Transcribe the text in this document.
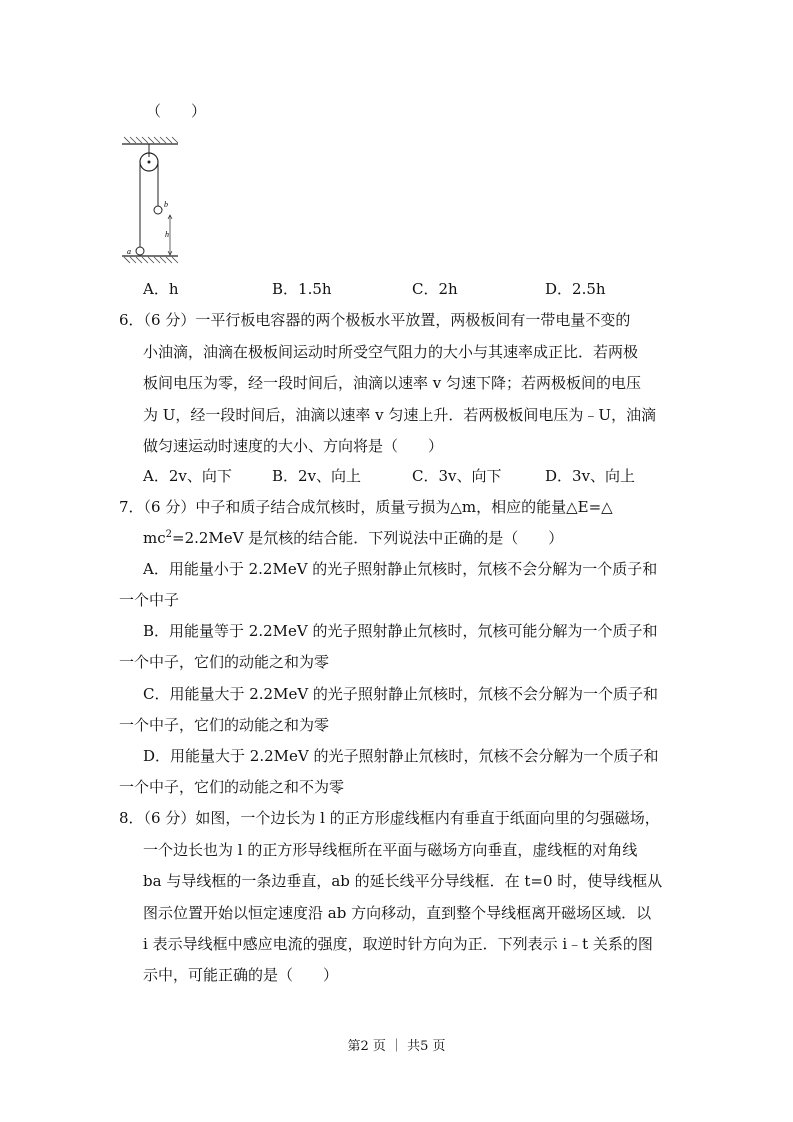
（　　）
b
h
a
A．h	B．1.5h	C．2h	D．2.5h
6．（6 分）一平行板电容器的两个极板水平放置，两极板间有一带电量不变的
小油滴，油滴在极板间运动时所受空气阻力的大小与其速率成正比．若两极
板间电压为零，经一段时间后，油滴以速率 v 匀速下降；若两极板间的电压
为 U，经一段时间后，油滴以速率 v 匀速上升．若两极板间电压为﹣U，油滴
做匀速运动时速度的大小、方向将是（　　）
A．2v、向下	B．2v、向上	C．3v、向下	D．3v、向上
7．（6 分）中子和质子结合成氘核时，质量亏损为△m，相应的能量△E=△
$mc^2=2.2MeV$ 是氘核的结合能．下列说法中正确的是（　　）
A．用能量小于 2.2MeV 的光子照射静止氘核时，氘核不会分解为一个质子和
一个中子
B．用能量等于 2.2MeV 的光子照射静止氘核时，氘核可能分解为一个质子和
一个中子，它们的动能之和为零
C．用能量大于 2.2MeV 的光子照射静止氘核时，氘核不会分解为一个质子和
一个中子，它们的动能之和为零
D．用能量大于 2.2MeV 的光子照射静止氘核时，氘核不会分解为一个质子和
一个中子，它们的动能之和不为零
8．（6 分）如图，一个边长为 l 的正方形虚线框内有垂直于纸面向里的匀强磁场，
一个边长也为 l 的正方形导线框所在平面与磁场方向垂直，虚线框的对角线
ba 与导线框的一条边垂直，ab 的延长线平分导线框．在 t=0 时，使导线框从
图示位置开始以恒定速度沿 ab 方向移动，直到整个导线框离开磁场区域．以
i 表示导线框中感应电流的强度，取逆时针方向为正．下列表示 i﹣t 关系的图
示中，可能正确的是（　　）
第2 页 ｜ 共5 页
